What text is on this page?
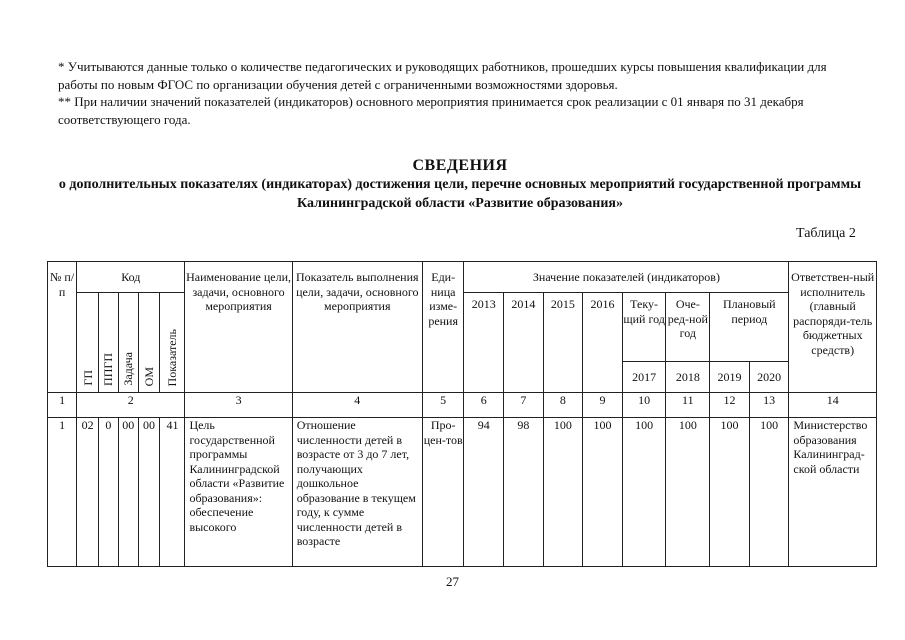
* Учитываются данные только о количестве педагогических и руководящих работников, прошедших курсы повышения квалификации для работы по новым ФГОС по организации обучения детей с ограниченными возможностями здоровья.

** При наличии значений показателей (индикаторов) основного мероприятия принимается срок реализации с 01 января по 31 декабря соответствующего года.

СВЕДЕНИЯ
о дополнительных показателях (индикаторах) достижения цели, перечне основных мероприятий государственной программы Калининградской области «Развитие образования»
Таблица 2
№ п/п	Код					Наименование цели, задачи, основного мероприятия	Показатель выполнения цели, задачи, основного мероприятия	Еди-ница изме-рения	Значение показателей (индикаторов)								Ответствен-ный исполнитель (главный распоряди-тель бюджетных средств)

	ГП	ППГП	Задача	ОМ	Показатель				2013	2014	2015	2016	Теку-щий год	Оче-ред-ной год	Плановый период		
													2017	2018	2019	2020	
1	2					3	4	5	6	7	8	9	10	11	12	13	14
1	02	0	00	00	41	Цель государственной программы Калининградской области «Развитие образования»: обеспечение высокого	Отношение численности детей в возрасте от 3 до 7 лет, получающих дошкольное образование в текущем году, к сумме численности детей в возрасте	Про-цен-тов	94	98	100	100	100	100	100	100	Министерство образования Калининград-ской области
27
